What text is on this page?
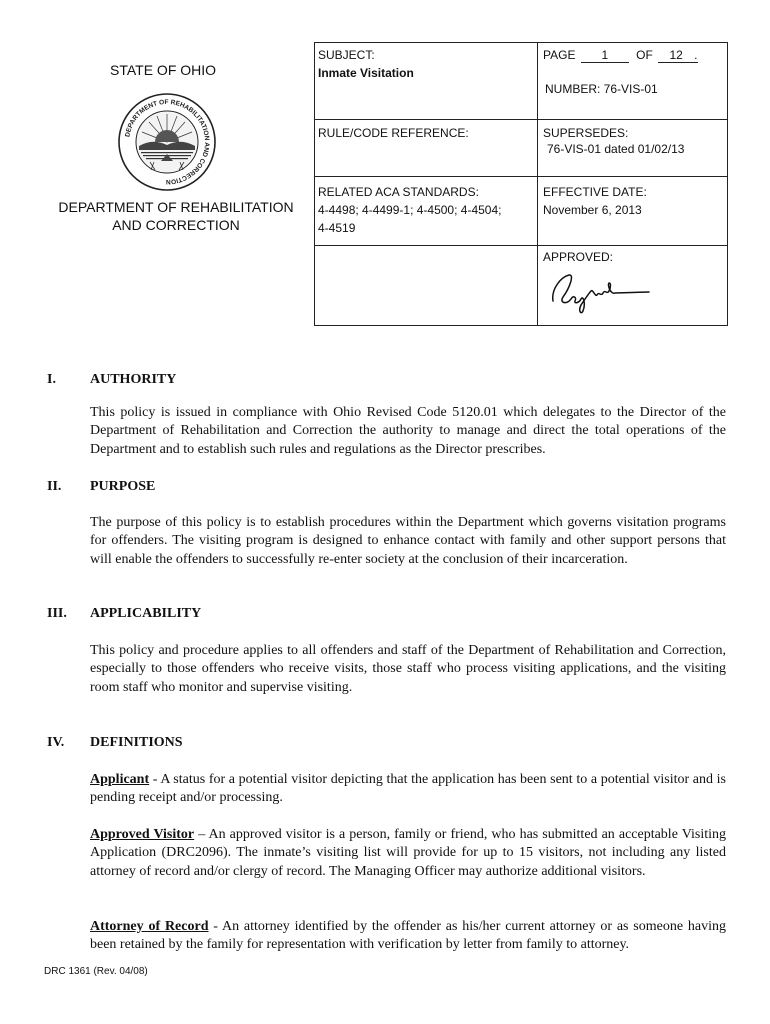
STATE OF OHIO
DEPARTMENT OF REHABILITATION AND CORRECTION
DEPARTMENT OF REHABILITATION
AND CORRECTION
SUBJECT:
Inmate Visitation
PAGE 1 OF 12 .
NUMBER: 76-VIS-01
RULE/CODE REFERENCE:	SUPERSEDES:
76-VIS-01 dated 01/02/13
RELATED ACA STANDARDS:
4-4498; 4-4499-1; 4-4500; 4-4504;
4-4519
EFFECTIVE DATE:
November 6, 2013
APPROVED:
I. AUTHORITY
This policy is issued in compliance with Ohio Revised Code 5120.01 which delegates to the Director of the Department of Rehabilitation and Correction the authority to manage and direct the total operations of the Department and to establish such rules and regulations as the Director prescribes.
II. PURPOSE
The purpose of this policy is to establish procedures within the Department which governs visitation programs for offenders. The visiting program is designed to enhance contact with family and other support persons that will enable the offenders to successfully re-enter society at the conclusion of their incarceration.
III. APPLICABILITY
This policy and procedure applies to all offenders and staff of the Department of Rehabilitation and Correction, especially to those offenders who receive visits, those staff who process visiting applications, and the visiting room staff who monitor and supervise visiting.
IV. DEFINITIONS
Applicant - A status for a potential visitor depicting that the application has been sent to a potential visitor and is pending receipt and/or processing.
Approved Visitor – An approved visitor is a person, family or friend, who has submitted an acceptable Visiting Application (DRC2096). The inmate’s visiting list will provide for up to 15 visitors, not including any listed attorney of record and/or clergy of record. The Managing Officer may authorize additional visitors.
Attorney of Record - An attorney identified by the offender as his/her current attorney or as someone having been retained by the family for representation with verification by letter from family to attorney.
DRC 1361 (Rev. 04/08)
